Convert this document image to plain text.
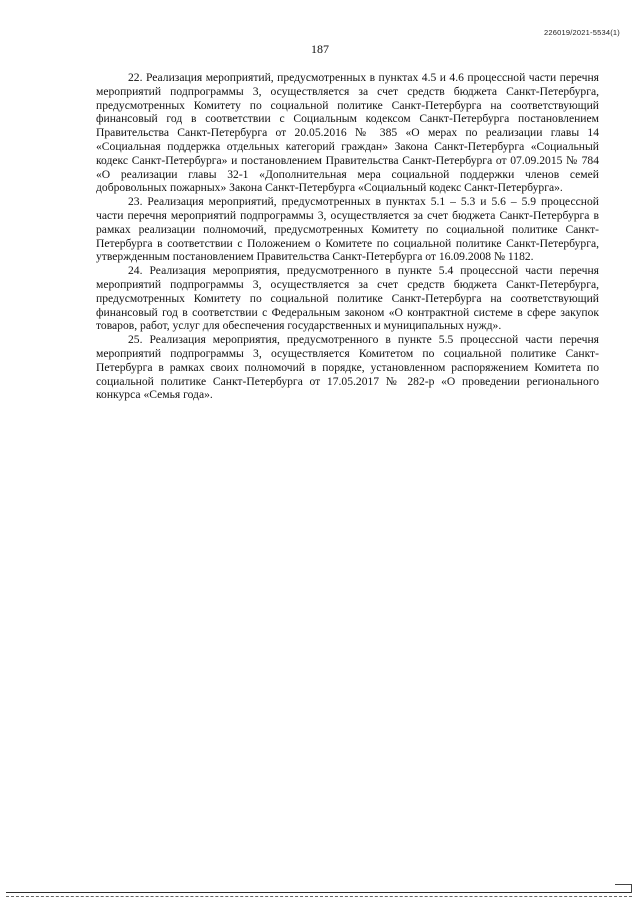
226019/2021-5534(1)
187

22. Реализация мероприятий, предусмотренных в пунктах 4.5 и 4.6 процессной части перечня мероприятий подпрограммы 3, осуществляется за счет средств бюджета Санкт-Петербурга, предусмотренных Комитету по социальной политике Санкт-Петербурга на соответствующий финансовый год в соответствии с Социальным кодексом Санкт-Петербурга постановлением Правительства Санкт-Петербурга от 20.05.2016 № 385 «О мерах по реализации главы 14 «Социальная поддержка отдельных категорий граждан» Закона Санкт-Петербурга «Социальный кодекс Санкт-Петербурга» и постановлением Правительства Санкт-Петербурга от 07.09.2015 № 784 «О реализации главы 32-1 «Дополнительная мера социальной поддержки членов семей добровольных пожарных» Закона Санкт-Петербурга «Социальный кодекс Санкт-Петербурга».

23. Реализация мероприятий, предусмотренных в пунктах 5.1 – 5.3 и 5.6 – 5.9 процессной части перечня мероприятий подпрограммы 3, осуществляется за счет бюджета Санкт-Петербурга в рамках реализации полномочий, предусмотренных Комитету по социальной политике Санкт-Петербурга в соответствии с Положением о Комитете по социальной политике Санкт-Петербурга, утвержденным постановлением Правительства Санкт-Петербурга от 16.09.2008 № 1182.

24. Реализация мероприятия, предусмотренного в пункте 5.4 процессной части перечня мероприятий подпрограммы 3, осуществляется за счет средств бюджета Санкт-Петербурга, предусмотренных Комитету по социальной политике Санкт-Петербурга на соответствующий финансовый год в соответствии с Федеральным законом «О контрактной системе в сфере закупок товаров, работ, услуг для обеспечения государственных и муниципальных нужд».

25. Реализация мероприятия, предусмотренного в пункте 5.5 процессной части перечня мероприятий подпрограммы 3, осуществляется Комитетом по социальной политике Санкт-Петербурга в рамках своих полномочий в порядке, установленном распоряжением Комитета по социальной политике Санкт-Петербурга от 17.05.2017 № 282-р «О проведении регионального конкурса «Семья года».
